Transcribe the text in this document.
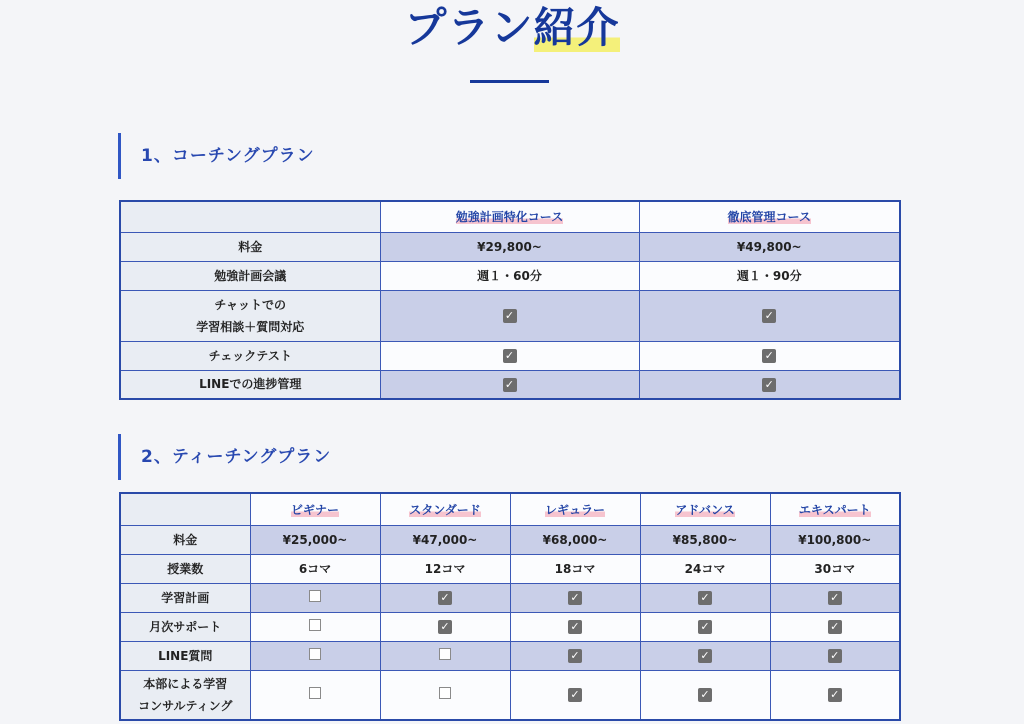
プラン紹介
1、コーチングプラン
	勉強計画特化コース	徹底管理コース

料金	¥29,800~	¥49,800~

勉強計画会議	週１・60分	週１・90分

チャットでの
学習相談＋質問対応	✓	✓

チェックテスト	✓	✓

LINEでの進捗管理	✓	✓
2、ティーチングプラン
	ビギナー	スタンダード	レギュラー	アドバンス	エキスパート

料金	¥25,000~	¥47,000~	¥68,000~	¥85,800~	¥100,800~

授業数	6コマ	12コマ	18コマ	24コマ	30コマ

学習計画		✓	✓	✓	✓

月次サポート		✓	✓	✓	✓

LINE質問			✓	✓	✓

本部による学習
コンサルティング			✓	✓	✓
